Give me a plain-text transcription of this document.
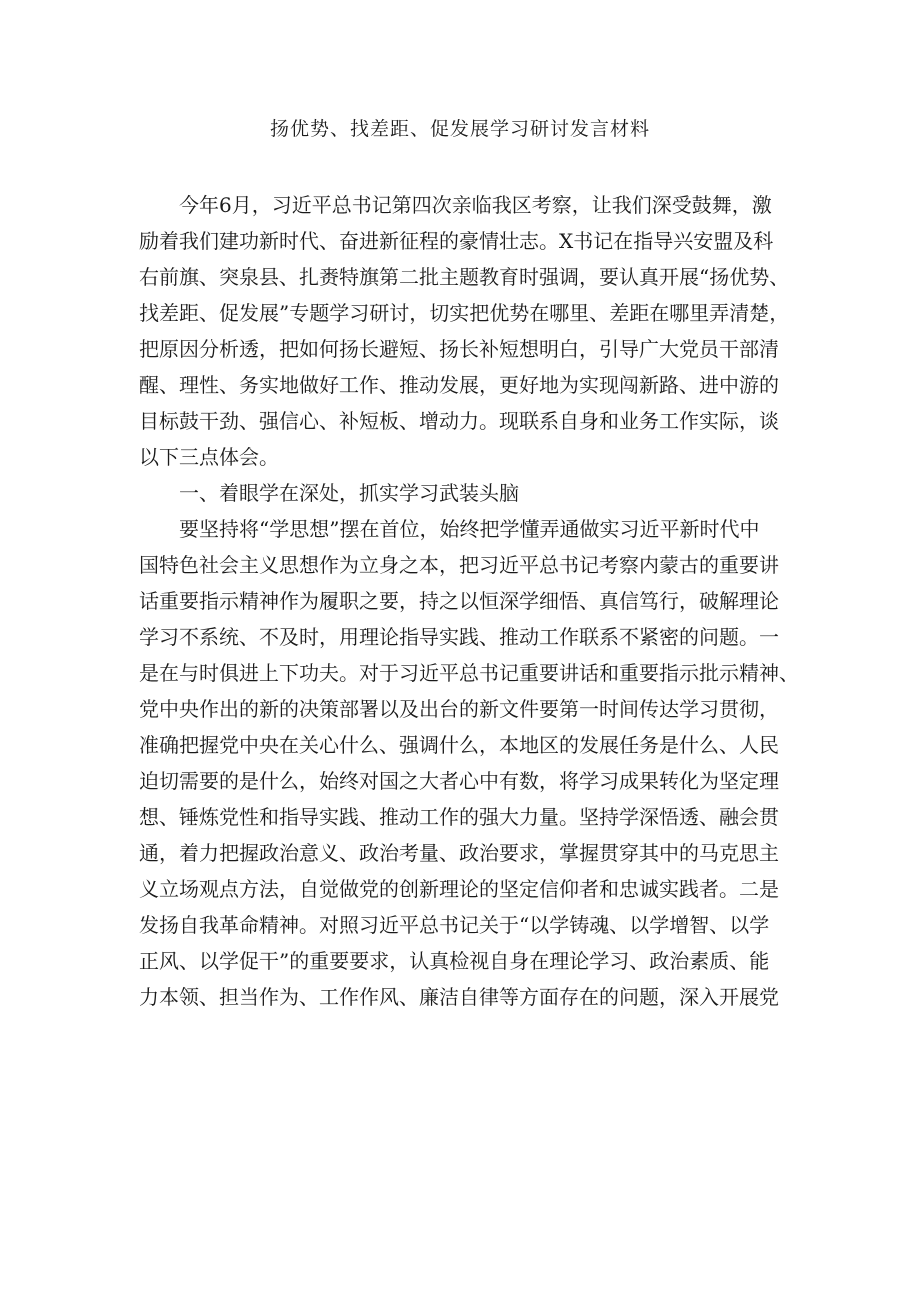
扬优势、找差距、促发展学习研讨发言材料
今年6月，习近平总书记第四次亲临我区考察，让我们深受鼓舞，激
励着我们建功新时代、奋进新征程的豪情壮志。X书记在指导兴安盟及科
右前旗、突泉县、扎赉特旗第二批主题教育时强调，要认真开展“扬优势、
找差距、促发展”专题学习研讨，切实把优势在哪里、差距在哪里弄清楚，
把原因分析透，把如何扬长避短、扬长补短想明白，引导广大党员干部清
醒、理性、务实地做好工作、推动发展，更好地为实现闯新路、进中游的
目标鼓干劲、强信心、补短板、增动力。现联系自身和业务工作实际，谈
以下三点体会。
一、着眼学在深处，抓实学习武装头脑
要坚持将“学思想”摆在首位，始终把学懂弄通做实习近平新时代中
国特色社会主义思想作为立身之本，把习近平总书记考察内蒙古的重要讲
话重要指示精神作为履职之要，持之以恒深学细悟、真信笃行，破解理论
学习不系统、不及时，用理论指导实践、推动工作联系不紧密的问题。一
是在与时俱进上下功夫。对于习近平总书记重要讲话和重要指示批示精神、
党中央作出的新的决策部署以及出台的新文件要第一时间传达学习贯彻，
准确把握党中央在关心什么、强调什么，本地区的发展任务是什么、人民
迫切需要的是什么，始终对国之大者心中有数，将学习成果转化为坚定理
想、锤炼党性和指导实践、推动工作的强大力量。坚持学深悟透、融会贯
通，着力把握政治意义、政治考量、政治要求，掌握贯穿其中的马克思主
义立场观点方法，自觉做党的创新理论的坚定信仰者和忠诚实践者。二是
发扬自我革命精神。对照习近平总书记关于“以学铸魂、以学增智、以学
正风、以学促干”的重要要求，认真检视自身在理论学习、政治素质、能
力本领、担当作为、工作作风、廉洁自律等方面存在的问题，深入开展党
